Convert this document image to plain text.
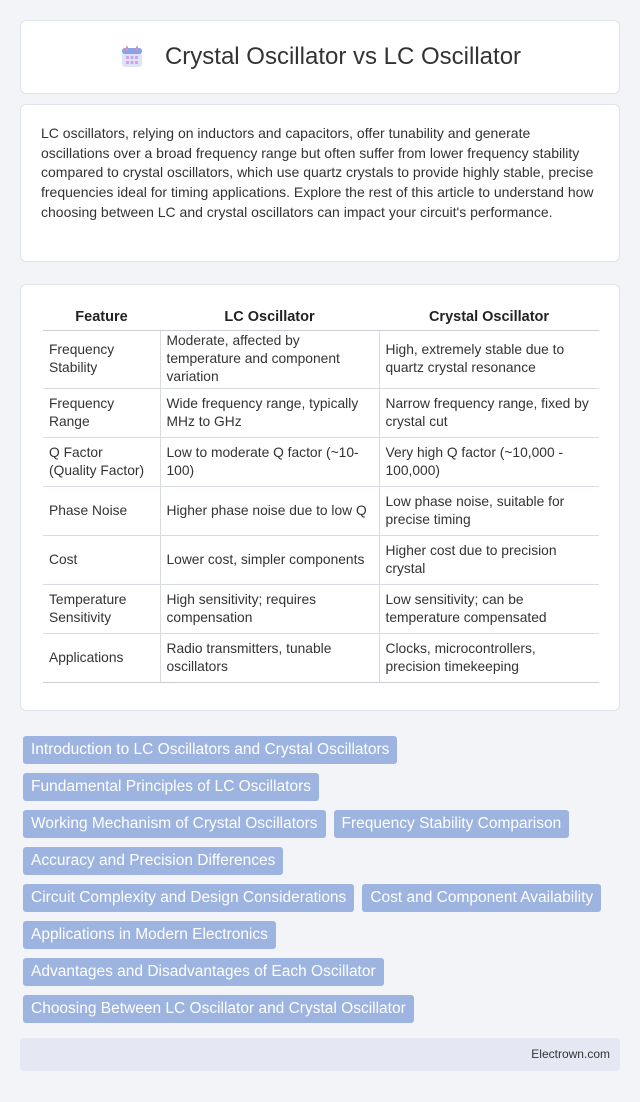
Crystal Oscillator vs LC Oscillator

LC oscillators, relying on inductors and capacitors, offer tunability and generate oscillations over a broad frequency range but often suffer from lower frequency stability compared to crystal oscillators, which use quartz crystals to provide highly stable, precise frequencies ideal for timing applications. Explore the rest of this article to understand how choosing between LC and crystal oscillators can impact your circuit's performance.

Feature	LC Oscillator	Crystal Oscillator
Frequency Stability	Moderate, affected by temperature and component variation	High, extremely stable due to quartz crystal resonance
Frequency Range	Wide frequency range, typically MHz to GHz	Narrow frequency range, fixed by crystal cut
Q Factor (Quality Factor)	Low to moderate Q factor (~10-100)	Very high Q factor (~10,000 - 100,000)
Phase Noise	Higher phase noise due to low Q	Low phase noise, suitable for precise timing
Cost	Lower cost, simpler components	Higher cost due to precision crystal
Temperature Sensitivity	High sensitivity; requires compensation	Low sensitivity; can be temperature compensated
Applications	Radio transmitters, tunable oscillators	Clocks, microcontrollers, precision timekeeping
Introduction to LC Oscillators and Crystal Oscillators
Fundamental Principles of LC Oscillators
Working Mechanism of Crystal Oscillators	Frequency Stability Comparison
Accuracy and Precision Differences
Circuit Complexity and Design Considerations	Cost and Component Availability
Applications in Modern Electronics
Advantages and Disadvantages of Each Oscillator
Choosing Between LC Oscillator and Crystal Oscillator
Electrown.com
